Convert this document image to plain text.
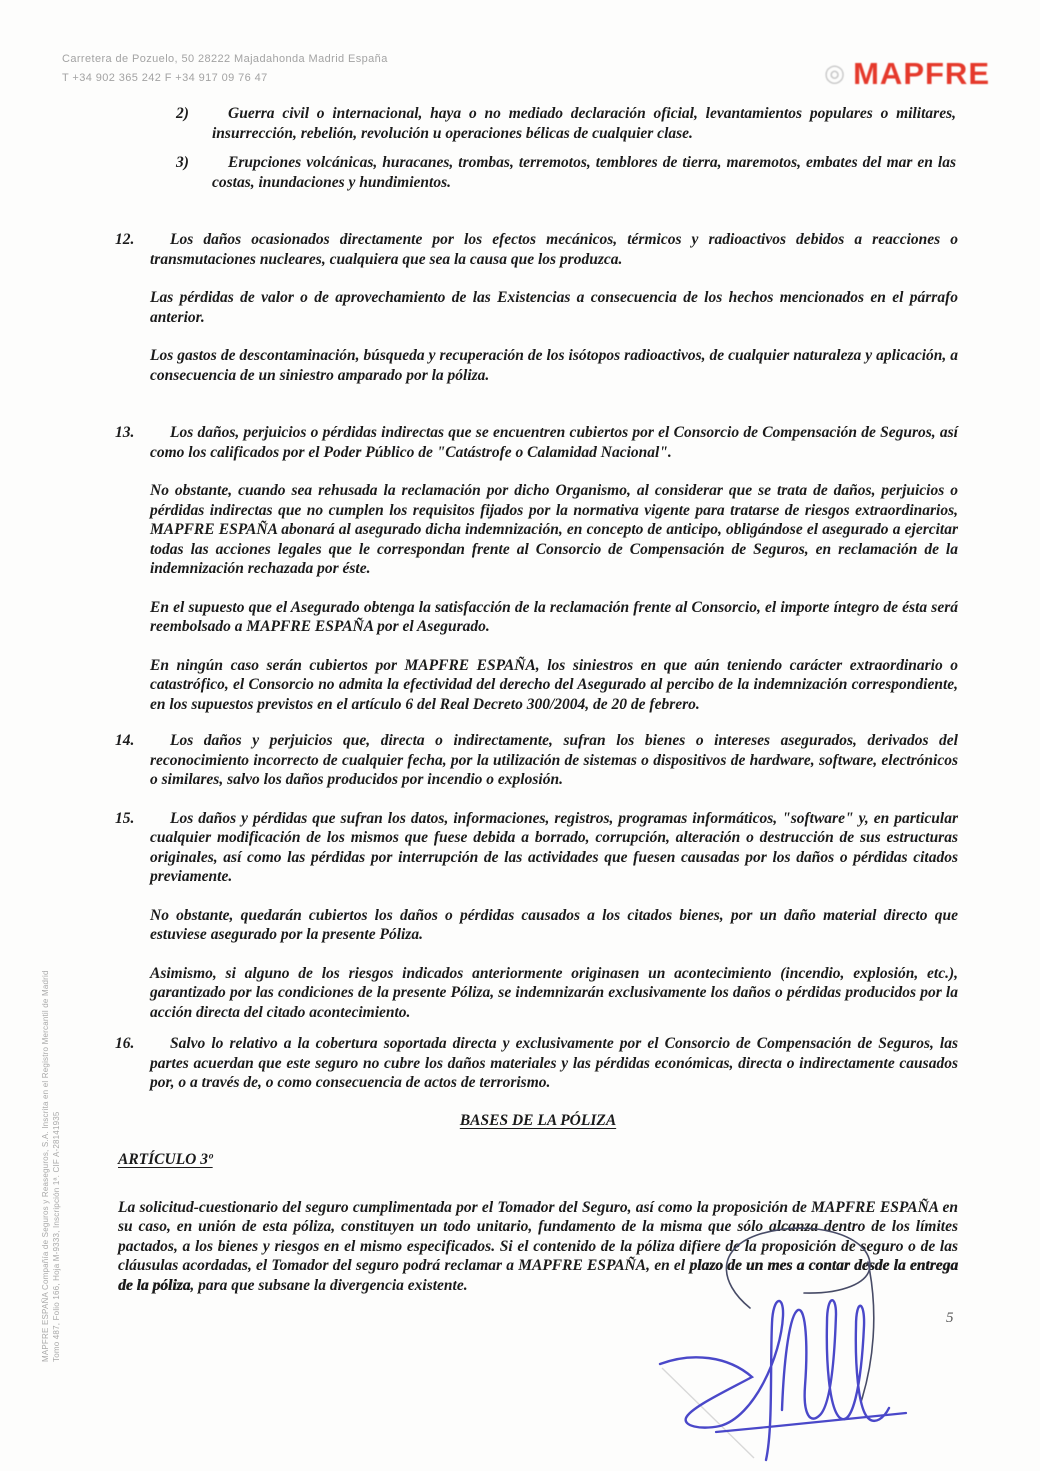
Carretera de Pozuelo, 50 28222 Majadahonda Madrid España
T +34 902 365 242 F +34 917 09 76 47	◎ MAPFRE
2)	Guerra civil o internacional, haya o no mediado declaración oficial, levantamientos populares o militares, insurrección, rebelión, revolución u operaciones bélicas de cualquier clase.
3)	Erupciones volcánicas, huracanes, trombas, terremotos, temblores de tierra, maremotos, embates del mar en las costas, inundaciones y hundimientos.
12. Los daños ocasionados directamente por los efectos mecánicos, térmicos y radioactivos debidos a reacciones o transmutaciones nucleares, cualquiera que sea la causa que los produzca.
Las pérdidas de valor o de aprovechamiento de las Existencias a consecuencia de los hechos mencionados en el párrafo anterior.
Los gastos de descontaminación, búsqueda y recuperación de los isótopos radioactivos, de cualquier naturaleza y aplicación, a consecuencia de un siniestro amparado por la póliza.
13. Los daños, perjuicios o pérdidas indirectas que se encuentren cubiertos por el Consorcio de Compensación de Seguros, así como los calificados por el Poder Público de "Catástrofe o Calamidad Nacional".
No obstante, cuando sea rehusada la reclamación por dicho Organismo, al considerar que se trata de daños, perjuicios o pérdidas indirectas que no cumplen los requisitos fijados por la normativa vigente para tratarse de riesgos extraordinarios, MAPFRE ESPAÑA abonará al asegurado dicha indemnización, en concepto de anticipo, obligándose el asegurado a ejercitar todas las acciones legales que le correspondan frente al Consorcio de Compensación de Seguros, en reclamación de la indemnización rechazada por éste.
En el supuesto que el Asegurado obtenga la satisfacción de la reclamación frente al Consorcio, el importe íntegro de ésta será reembolsado a MAPFRE ESPAÑA por el Asegurado.
En ningún caso serán cubiertos por MAPFRE ESPAÑA, los siniestros en que aún teniendo carácter extraordinario o catastrófico, el Consorcio no admita la efectividad del derecho del Asegurado al percibo de la indemnización correspondiente, en los supuestos previstos en el artículo 6 del Real Decreto 300/2004, de 20 de febrero.
14. Los daños y perjuicios que, directa o indirectamente, sufran los bienes o intereses asegurados, derivados del reconocimiento incorrecto de cualquier fecha, por la utilización de sistemas o dispositivos de hardware, software, electrónicos o similares, salvo los daños producidos por incendio o explosión.
15. Los daños y pérdidas que sufran los datos, informaciones, registros, programas informáticos, "software" y, en particular cualquier modificación de los mismos que fuese debida a borrado, corrupción, alteración o destrucción de sus estructuras originales, así como las pérdidas por interrupción de las actividades que fuesen causadas por los daños o pérdidas citados previamente.
No obstante, quedarán cubiertos los daños o pérdidas causados a los citados bienes, por un daño material directo que estuviese asegurado por la presente Póliza.
Asimismo, si alguno de los riesgos indicados anteriormente originasen un acontecimiento (incendio, explosión, etc.), garantizado por las condiciones de la presente Póliza, se indemnizarán exclusivamente los daños o pérdidas producidos por la acción directa del citado acontecimiento.
16. Salvo lo relativo a la cobertura soportada directa y exclusivamente por el Consorcio de Compensación de Seguros, las partes acuerdan que este seguro no cubre los daños materiales y las pérdidas económicas, directa o indirectamente causados por, o a través de, o como consecuencia de actos de terrorismo.
BASES DE LA PÓLIZA
ARTÍCULO 3º
La solicitud-cuestionario del seguro cumplimentada por el Tomador del Seguro, así como la proposición de MAPFRE ESPAÑA en su caso, en unión de esta póliza, constituyen un todo unitario, fundamento de la misma que sólo alcanza dentro de los límites pactados, a los bienes y riesgos en el mismo especificados. Si el contenido de la póliza difiere de la proposición de seguro o de las cláusulas acordadas, el Tomador del seguro podrá reclamar a MAPFRE ESPAÑA, en el plazo de un mes a contar desde la entrega de la póliza, para que subsane la divergencia existente.
MAPFRE ESPAÑA Compañía de Seguros y Reaseguros, S.A. Inscrita en el Registro Mercantil de Madrid Tomo 487, Folio 166, Hoja M-9333, Inscripción 1ª. CIF A-28141935	5
